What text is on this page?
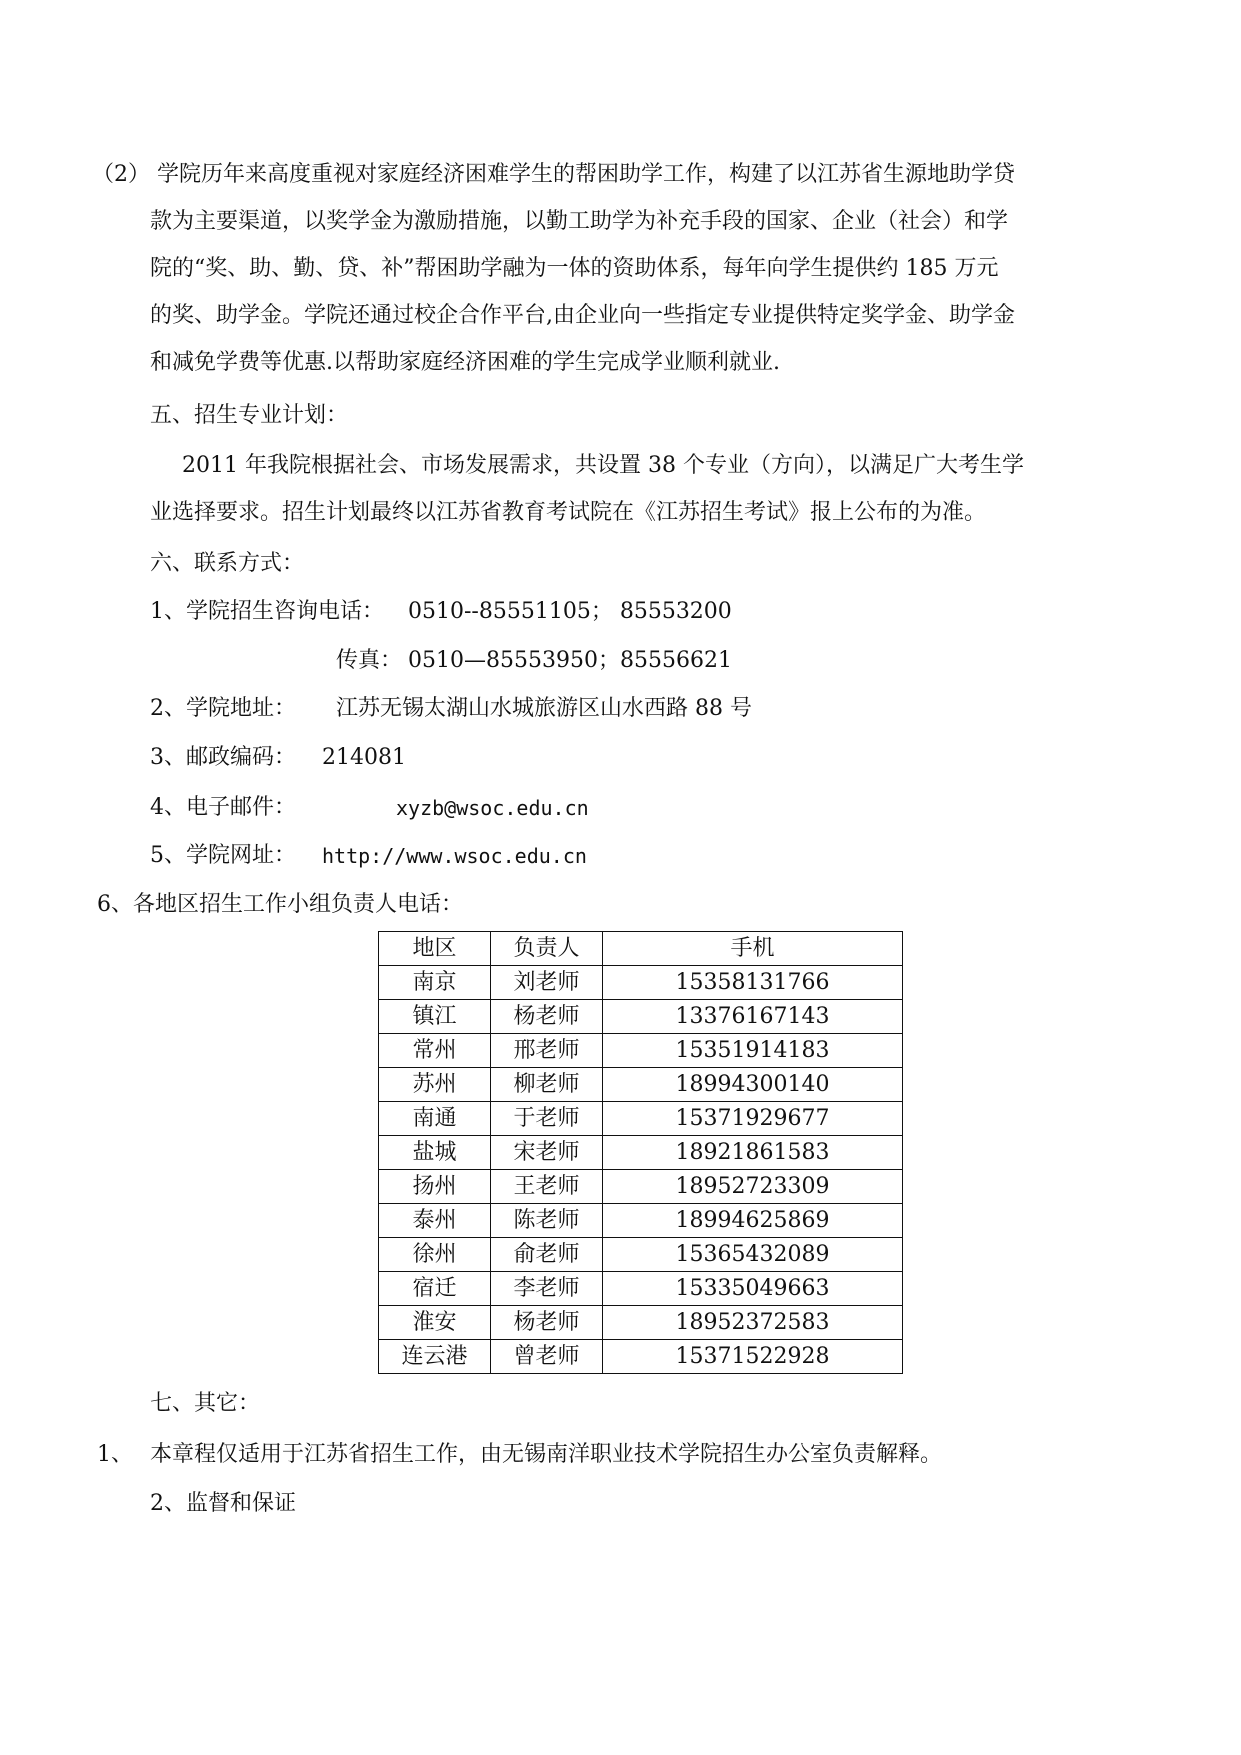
（2） 学院历年来高度重视对家庭经济困难学生的帮困助学工作，构建了以江苏省生源地助学贷
款为主要渠道，以奖学金为激励措施，以勤工助学为补充手段的国家、企业（社会）和学
院的“奖、助、勤、贷、补”帮困助学融为一体的资助体系，每年向学生提供约 185 万元
的奖、助学金。学院还通过校企合作平台,由企业向一些指定专业提供特定奖学金、助学金
和减免学费等优惠.以帮助家庭经济困难的学生完成学业顺利就业.
五、招生专业计划：
2011 年我院根据社会、市场发展需求，共设置 38 个专业（方向），以满足广大考生学
业选择要求。招生计划最终以江苏省教育考试院在《江苏招生考试》报上公布的为准。
六、联系方式：
1、学院招生咨询电话： 0510--85551105； 85553200
传真： 0510—85553950；85556621
2、学院地址： 江苏无锡太湖山水城旅游区山水西路 88 号
3、邮政编码： 214081
4、电子邮件：	xyzb@wsoc.edu.cn
5、学院网址： http://www.wsoc.edu.cn
6、各地区招生工作小组负责人电话：
地区	负责人	手机
南京	刘老师	15358131766
镇江	杨老师	13376167143
常州	邢老师	15351914183
苏州	柳老师	18994300140
南通	于老师	15371929677
盐城	宋老师	18921861583
扬州	王老师	18952723309
泰州	陈老师	18994625869
徐州	俞老师	15365432089
宿迁	李老师	15335049663
淮安	杨老师	18952372583
连云港	曾老师	15371522928
七、其它：
1、 本章程仅适用于江苏省招生工作，由无锡南洋职业技术学院招生办公室负责解释。
2、监督和保证
